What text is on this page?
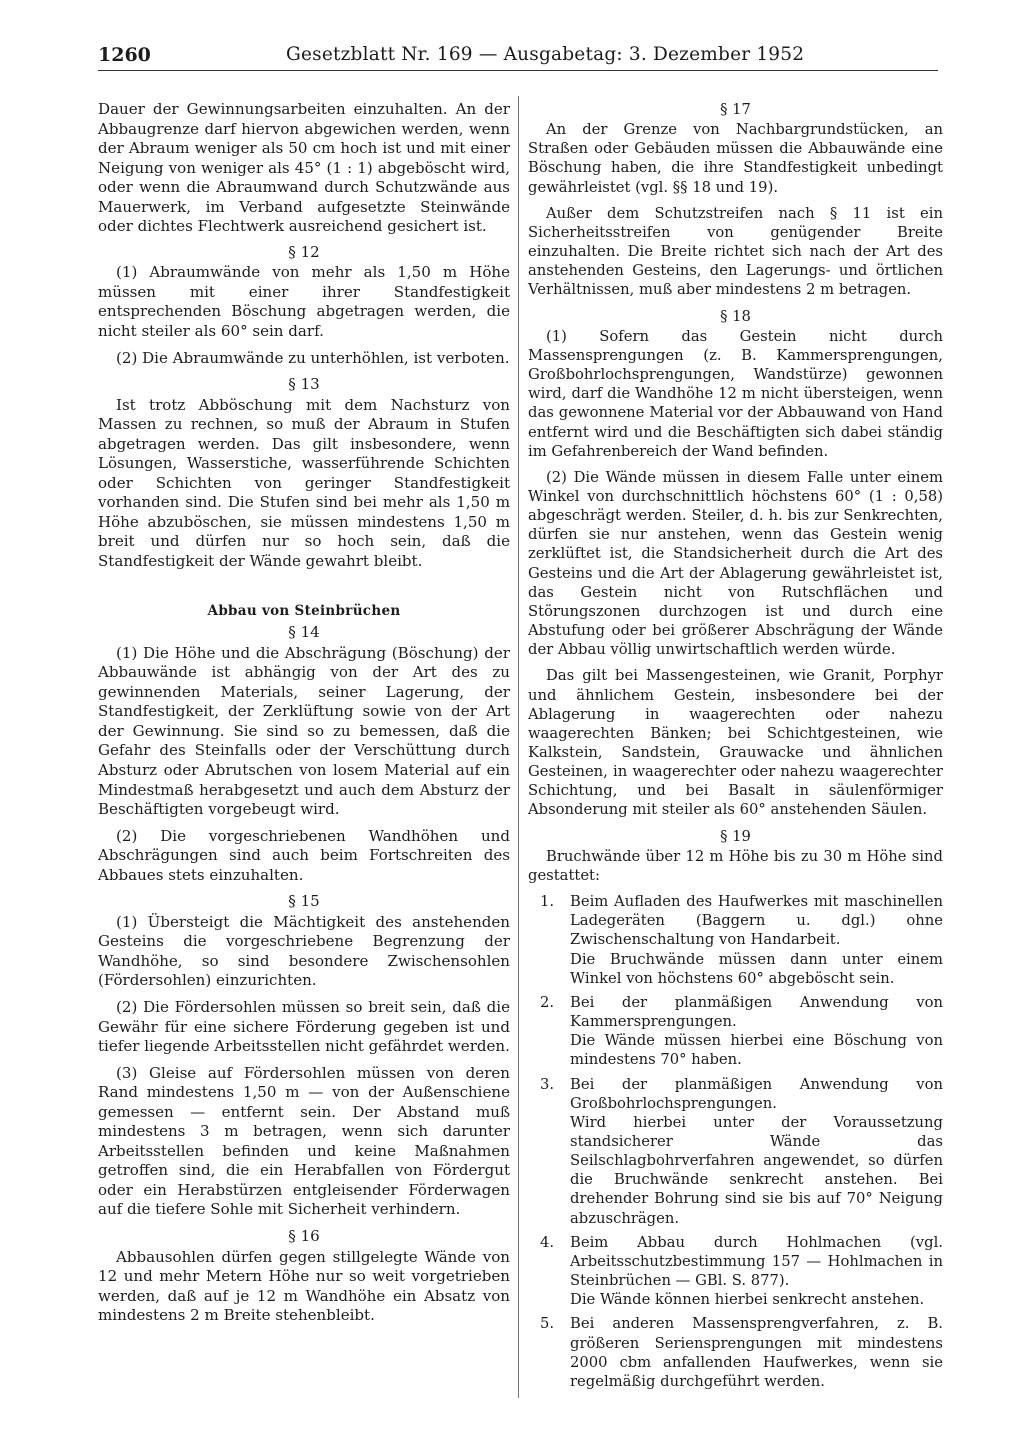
1260	Gesetzblatt Nr. 169 — Ausgabetag: 3. Dezember 1952

Dauer der Gewinnungsarbeiten einzuhalten. An der Abbaugrenze darf hiervon abgewichen werden, wenn der Abraum weniger als 50 cm hoch ist und mit einer Neigung von weniger als 45° (1 : 1) abgeböscht wird, oder wenn die Abraumwand durch Schutzwände aus Mauerwerk, im Verband aufgesetzte Steinwände oder dichtes Flechtwerk ausreichend gesichert ist.

§ 12

(1) Abraumwände von mehr als 1,50 m Höhe müssen mit einer ihrer Standfestigkeit entsprechenden Böschung abgetragen werden, die nicht steiler als 60° sein darf.

(2) Die Abraumwände zu unterhöhlen, ist verboten.

§ 13

Ist trotz Abböschung mit dem Nachsturz von Massen zu rechnen, so muß der Abraum in Stufen abgetragen werden. Das gilt insbesondere, wenn Lösungen, Wasserstiche, wasserführende Schichten oder Schichten von geringer Standfestigkeit vorhanden sind. Die Stufen sind bei mehr als 1,50 m Höhe abzuböschen, sie müssen mindestens 1,50 m breit und dürfen nur so hoch sein, daß die Standfestigkeit der Wände gewahrt bleibt.

Abbau von Steinbrüchen

§ 14

(1) Die Höhe und die Abschrägung (Böschung) der Abbauwände ist abhängig von der Art des zu gewinnenden Materials, seiner Lagerung, der Standfestigkeit, der Zerklüftung sowie von der Art der Gewinnung. Sie sind so zu bemessen, daß die Gefahr des Steinfalls oder der Verschüttung durch Absturz oder Abrutschen von losem Material auf ein Mindestmaß herabgesetzt und auch dem Absturz der Beschäftigten vorgebeugt wird.

(2) Die vorgeschriebenen Wandhöhen und Abschrägungen sind auch beim Fortschreiten des Abbaues stets einzuhalten.

§ 15

(1) Übersteigt die Mächtigkeit des anstehenden Gesteins die vorgeschriebene Begrenzung der Wandhöhe, so sind besondere Zwischensohlen (Fördersohlen) einzurichten.

(2) Die Fördersohlen müssen so breit sein, daß die Gewähr für eine sichere Förderung gegeben ist und tiefer liegende Arbeitsstellen nicht gefährdet werden.

(3) Gleise auf Fördersohlen müssen von deren Rand mindestens 1,50 m — von der Außenschiene gemessen — entfernt sein. Der Abstand muß mindestens 3 m betragen, wenn sich darunter Arbeitsstellen befinden und keine Maßnahmen getroffen sind, die ein Herabfallen von Fördergut oder ein Herabstürzen entgleisender Förderwagen auf die tiefere Sohle mit Sicherheit verhindern.

§ 16

Abbausohlen dürfen gegen stillgelegte Wände von 12 und mehr Metern Höhe nur so weit vorgetrieben werden, daß auf je 12 m Wandhöhe ein Absatz von mindestens 2 m Breite stehenbleibt.

§ 17

An der Grenze von Nachbargrundstücken, an Straßen oder Gebäuden müssen die Abbauwände eine Böschung haben, die ihre Standfestigkeit unbedingt gewährleistet (vgl. §§ 18 und 19).

Außer dem Schutzstreifen nach § 11 ist ein Sicherheitsstreifen von genügender Breite einzuhalten. Die Breite richtet sich nach der Art des anstehenden Gesteins, den Lagerungs- und örtlichen Verhältnissen, muß aber mindestens 2 m betragen.

§ 18

(1) Sofern das Gestein nicht durch Massensprengungen (z. B. Kammersprengungen, Großbohrlochsprengungen, Wandstürze) gewonnen wird, darf die Wandhöhe 12 m nicht übersteigen, wenn das gewonnene Material vor der Abbauwand von Hand entfernt wird und die Beschäftigten sich dabei ständig im Gefahrenbereich der Wand befinden.

(2) Die Wände müssen in diesem Falle unter einem Winkel von durchschnittlich höchstens 60° (1 : 0,58) abgeschrägt werden. Steiler, d. h. bis zur Senkrechten, dürfen sie nur anstehen, wenn das Gestein wenig zerklüftet ist, die Standsicherheit durch die Art des Gesteins und die Art der Ablagerung gewährleistet ist, das Gestein nicht von Rutschflächen und Störungszonen durchzogen ist und durch eine Abstufung oder bei größerer Abschrägung der Wände der Abbau völlig unwirtschaftlich werden würde.

Das gilt bei Massengesteinen, wie Granit, Porphyr und ähnlichem Gestein, insbesondere bei der Ablagerung in waagerechten oder nahezu waagerechten Bänken; bei Schichtgesteinen, wie Kalkstein, Sandstein, Grauwacke und ähnlichen Gesteinen, in waagerechter oder nahezu waagerechter Schichtung, und bei Basalt in säulenförmiger Absonderung mit steiler als 60° anstehenden Säulen.

§ 19

Bruchwände über 12 m Höhe bis zu 30 m Höhe sind gestattet:

1. Beim Aufladen des Haufwerkes mit maschinellen Ladegeräten (Baggern u. dgl.) ohne Zwischenschaltung von Handarbeit.
Die Bruchwände müssen dann unter einem Winkel von höchstens 60° abgeböscht sein.
2. Bei der planmäßigen Anwendung von Kammersprengungen.
Die Wände müssen hierbei eine Böschung von mindestens 70° haben.
3. Bei der planmäßigen Anwendung von Großbohrlochsprengungen.
Wird hierbei unter der Voraussetzung standsicherer Wände das Seilschlagbohrverfahren angewendet, so dürfen die Bruchwände senkrecht anstehen. Bei drehender Bohrung sind sie bis auf 70° Neigung abzuschrägen.
4. Beim Abbau durch Hohlmachen (vgl. Arbeitsschutzbestimmung 157 — Hohlmachen in Steinbrüchen — GBl. S. 877).
Die Wände können hierbei senkrecht anstehen.
5. Bei anderen Massensprengverfahren, z. B. größeren Seriensprengungen mit mindestens 2000 cbm anfallenden Haufwerkes, wenn sie regelmäßig durchgeführt werden.
